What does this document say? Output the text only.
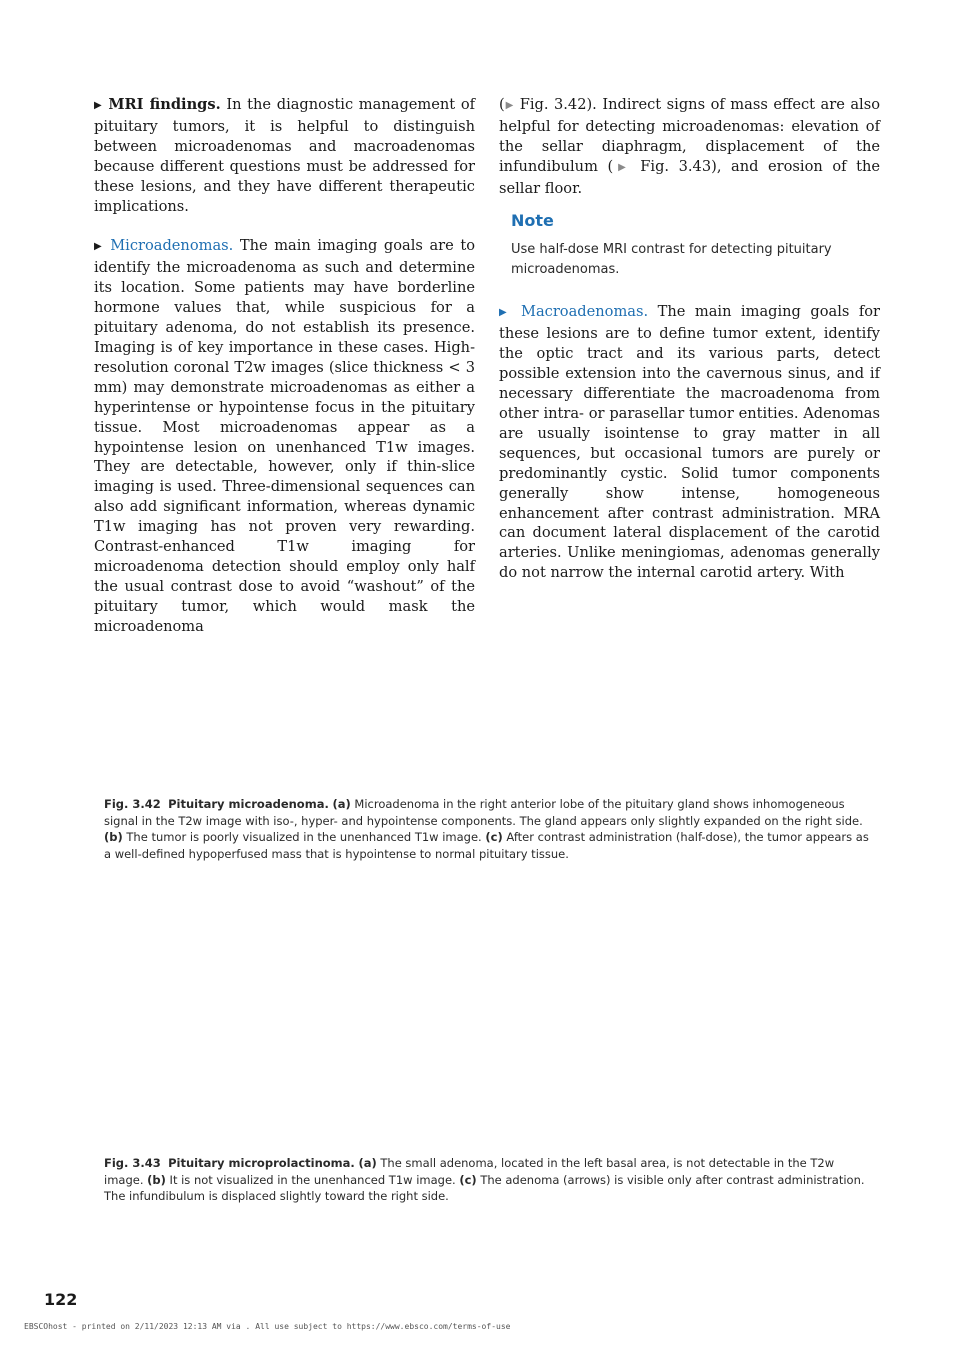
▶ MRI findings. In the diagnostic management of pituitary tumors, it is helpful to distinguish between microadenomas and macroadenomas because different questions must be addressed for these lesions, and they have different therapeutic implications.

▶ Microadenomas. The main imaging goals are to identify the microadenoma as such and determine its location. Some patients may have borderline hormone values that, while suspicious for a pituitary adenoma, do not establish its presence. Imaging is of key importance in these cases. High-resolution coronal T2w images (slice thickness < 3 mm) may demonstrate microadenomas as either a hyperintense or hypointense focus in the pituitary tissue. Most microadenomas appear as a hypointense lesion on unenhanced T1w images. They are detectable, however, only if thin-slice imaging is used. Three-dimensional sequences can also add significant information, whereas dynamic T1w imaging has not proven very rewarding. Contrast-enhanced T1w imaging for microadenoma detection should employ only half the usual contrast dose to avoid “washout” of the pituitary tumor, which would mask the microadenoma

(▶ Fig. 3.42). Indirect signs of mass effect are also helpful for detecting microadenomas: elevation of the sellar diaphragm, displacement of the infundibulum (▶ Fig. 3.43), and erosion of the sellar floor.

Note
Use half-dose MRI contrast for detecting pituitary microadenomas.

▶ Macroadenomas. The main imaging goals for these lesions are to define tumor extent, identify the optic tract and its various parts, detect possible extension into the cavernous sinus, and if necessary differentiate the macroadenoma from other intra- or parasellar tumor entities. Adenomas are usually isointense to gray matter in all sequences, but occasional tumors are purely or predominantly cystic. Solid tumor components generally show intense, homogeneous enhancement after contrast administration. MRA can document lateral displacement of the carotid arteries. Unlike meningiomas, adenomas generally do not narrow the internal carotid artery. With

Fig. 3.42 Pituitary microadenoma. (a) Microadenoma in the right anterior lobe of the pituitary gland shows inhomogeneous signal in the T2w image with iso-, hyper- and hypointense components. The gland appears only slightly expanded on the right side. (b) The tumor is poorly visualized in the unenhanced T1w image. (c) After contrast administration (half-dose), the tumor appears as a well-defined hypoperfused mass that is hypointense to normal pituitary tissue.
Fig. 3.43 Pituitary microprolactinoma. (a) The small adenoma, located in the left basal area, is not detectable in the T2w image. (b) It is not visualized in the unenhanced T1w image. (c) The adenoma (arrows) is visible only after contrast administration. The infundibulum is displaced slightly toward the right side.
122
EBSCOhost - printed on 2/11/2023 12:13 AM via . All use subject to https://www.ebsco.com/terms-of-use
